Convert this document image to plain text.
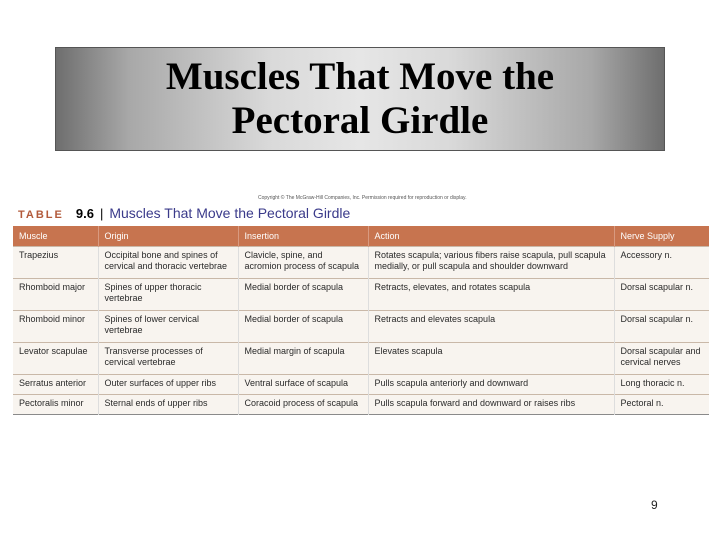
Muscles That Move the
Pectoral Girdle
Copyright © The McGraw-Hill Companies, Inc. Permission required for reproduction or display.
TABLE 9.6 | Muscles That Move the Pectoral Girdle
Muscle	Origin	Insertion	Action	Nerve Supply
Trapezius	Occipital bone and spines of cervical and thoracic vertebrae	Clavicle, spine, and acromion process of scapula	Rotates scapula; various fibers raise scapula, pull scapula medially, or pull scapula and shoulder downward	Accessory n.
Rhomboid major	Spines of upper thoracic vertebrae	Medial border of scapula	Retracts, elevates, and rotates scapula	Dorsal scapular n.
Rhomboid minor	Spines of lower cervical vertebrae	Medial border of scapula	Retracts and elevates scapula	Dorsal scapular n.
Levator scapulae	Transverse processes of cervical vertebrae	Medial margin of scapula	Elevates scapula	Dorsal scapular and cervical nerves
Serratus anterior	Outer surfaces of upper ribs	Ventral surface of scapula	Pulls scapula anteriorly and downward	Long thoracic n.
Pectoralis minor	Sternal ends of upper ribs	Coracoid process of scapula	Pulls scapula forward and downward or raises ribs	Pectoral n.
9
